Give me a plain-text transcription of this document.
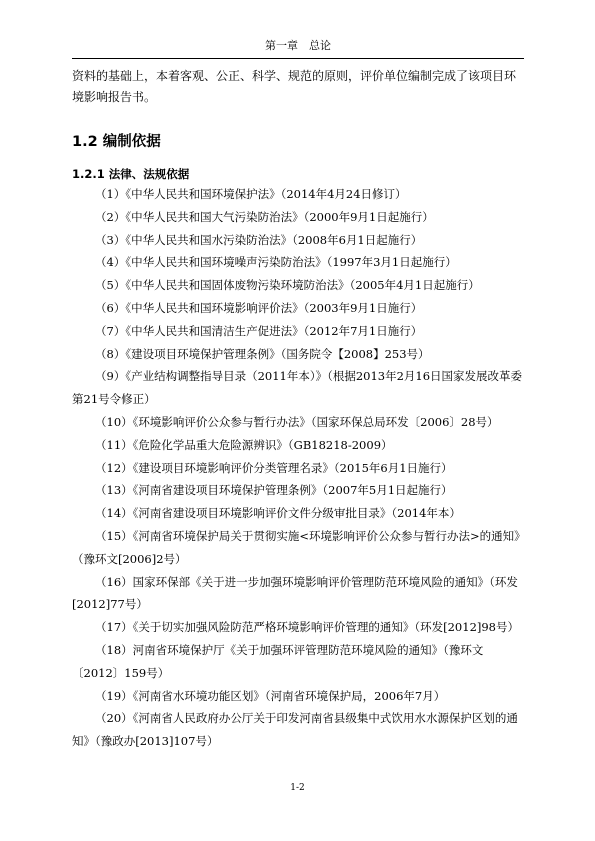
第一章　总论

资料的基础上，本着客观、公正、科学、规范的原则，评价单位编制完成了该项目环境影响报告书。

1.2 编制依据
1.2.1 法律、法规依据
（1）《中华人民共和国环境保护法》（2014年4月24日修订）
（2）《中华人民共和国大气污染防治法》（2000年9月1日起施行）
（3）《中华人民共和国水污染防治法》（2008年6月1日起施行）
（4）《中华人民共和国环境噪声污染防治法》（1997年3月1日起施行）
（5）《中华人民共和国固体废物污染环境防治法》（2005年4月1日起施行）
（6）《中华人民共和国环境影响评价法》（2003年9月1日施行）
（7）《中华人民共和国清洁生产促进法》（2012年7月1日施行）
（8）《建设项目环境保护管理条例》（国务院令【2008】253号）
（9）《产业结构调整指导目录（2011年本）》（根据2013年2月16日国家发展改革委第21号令修正）
（10）《环境影响评价公众参与暂行办法》（国家环保总局环发〔2006〕28号）
（11）《危险化学品重大危险源辨识》（GB18218-2009）
（12）《建设项目环境影响评价分类管理名录》（2015年6月1日施行）
（13）《河南省建设项目环境保护管理条例》（2007年5月1日起施行）
（14）《河南省建设项目环境影响评价文件分级审批目录》（2014年本）
（15）《河南省环境保护局关于贯彻实施<环境影响评价公众参与暂行办法>的通知》（豫环文[2006]2号）
（16）国家环保部《关于进一步加强环境影响评价管理防范环境风险的通知》（环发[2012]77号）
（17）《关于切实加强风险防范严格环境影响评价管理的通知》（环发[2012]98号）
（18）河南省环境保护厅《关于加强环评管理防范环境风险的通知》（豫环文〔2012〕159号）
（19）《河南省水环境功能区划》（河南省环境保护局，2006年7月）
（20）《河南省人民政府办公厅关于印发河南省县级集中式饮用水水源保护区划的通知》（豫政办[2013]107号）
1-2
